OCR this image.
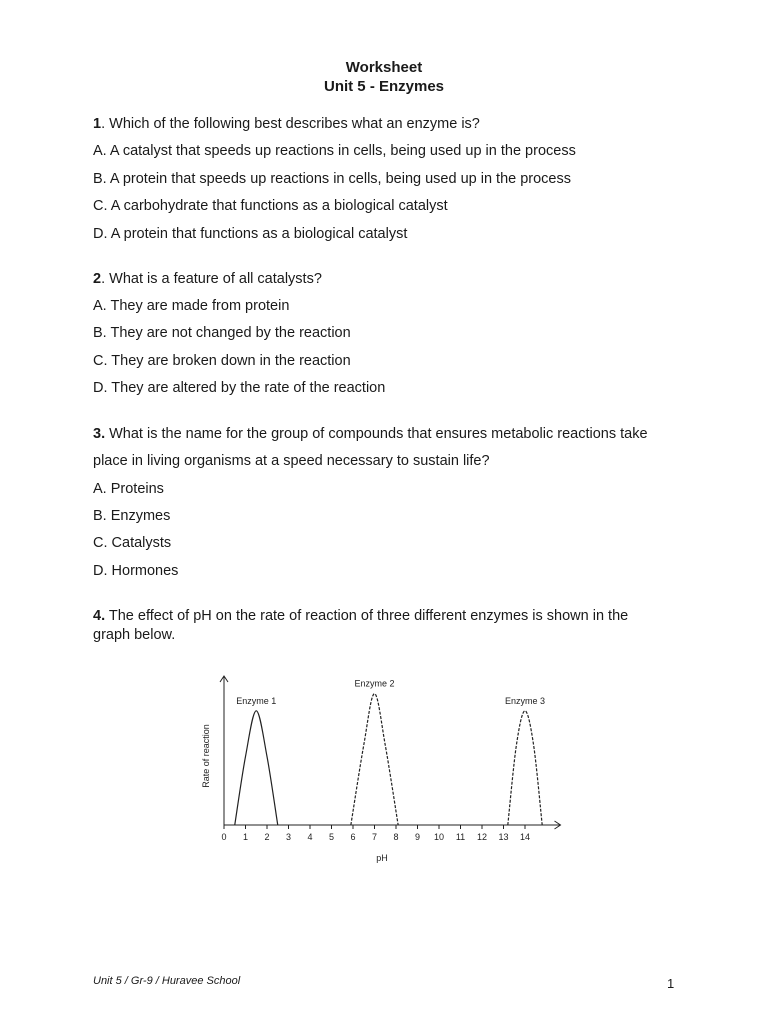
Worksheet
Unit 5 - Enzymes
1. Which of the following best describes what an enzyme is?
A. A catalyst that speeds up reactions in cells, being used up in the process
B. A protein that speeds up reactions in cells, being used up in the process
C. A carbohydrate that functions as a biological catalyst
D. A protein that functions as a biological catalyst
2. What is a feature of all catalysts?
A. They are made from protein
B. They are not changed by the reaction
C. They are broken down in the reaction
D. They are altered by the rate of the reaction
3. What is the name for the group of compounds that ensures metabolic reactions take
place in living organisms at a speed necessary to sustain life?
A. Proteins
B. Enzymes
C. Catalysts
D. Hormones
4. The effect of pH on the rate of reaction of three different enzymes is shown in the
graph below.
0 1 2 3 4 5 6 7 8 9 10 11 12 13 14
Enzyme 1
Enzyme 2
Enzyme 3
Rate of reaction
pH
Unit 5 / Gr-9 / Huravee School	1
